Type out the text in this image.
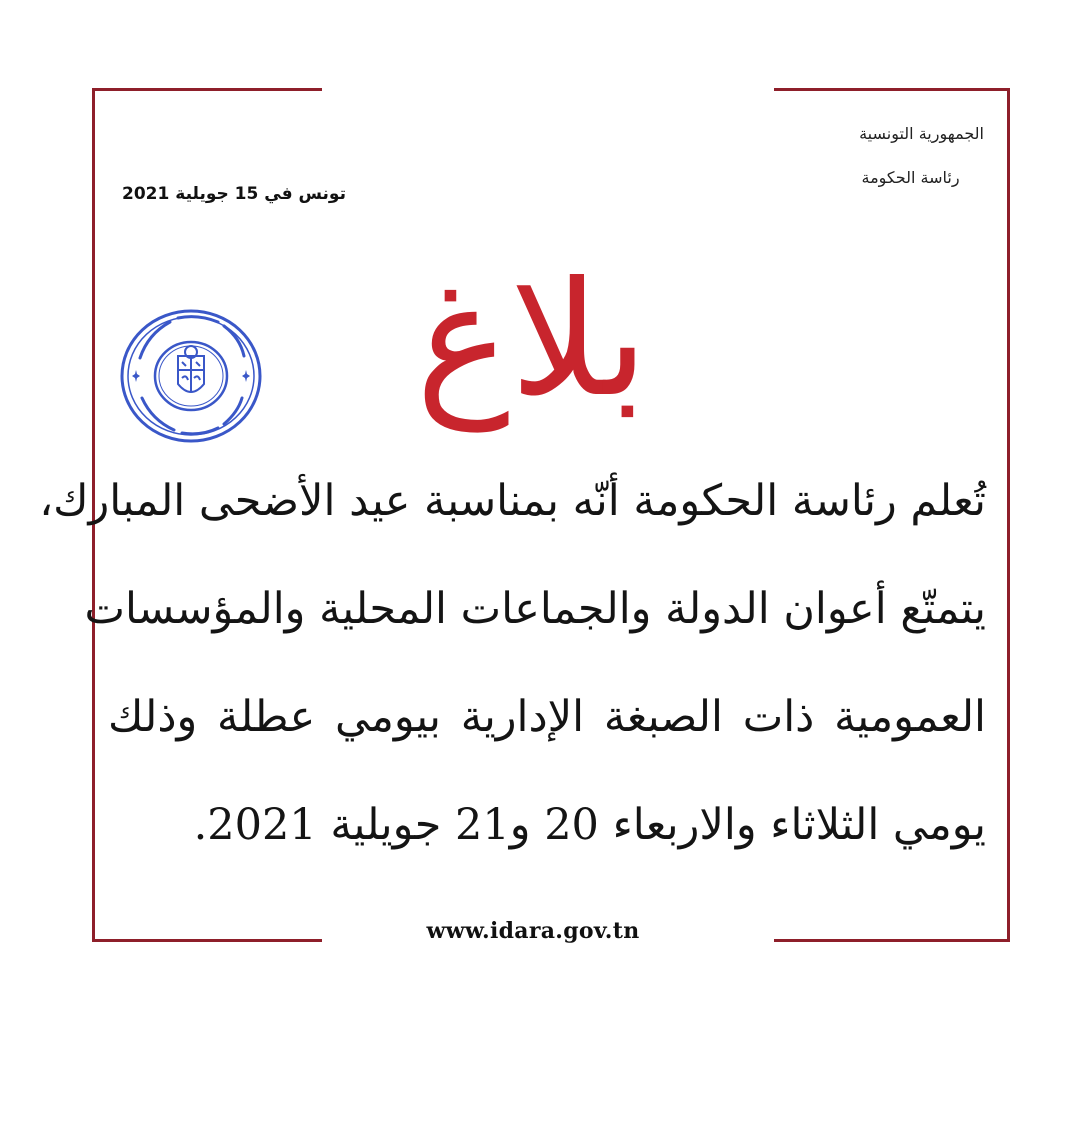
الجمهورية التونسية
رئاسة الحكومة
تونس في 15 جويلية 2021
بلاغ
تُعلم رئاسة الحكومة أنّه بمناسبة عيد الأضحى المبارك،
يتمتّع أعوان الدولة والجماعات المحلية والمؤسسات
العمومية ذات الصبغة الإدارية بيومي عطلة وذلك
يومي الثلاثاء والاربعاء 20 و21 جويلية 2021.
www.idara.gov.tn
